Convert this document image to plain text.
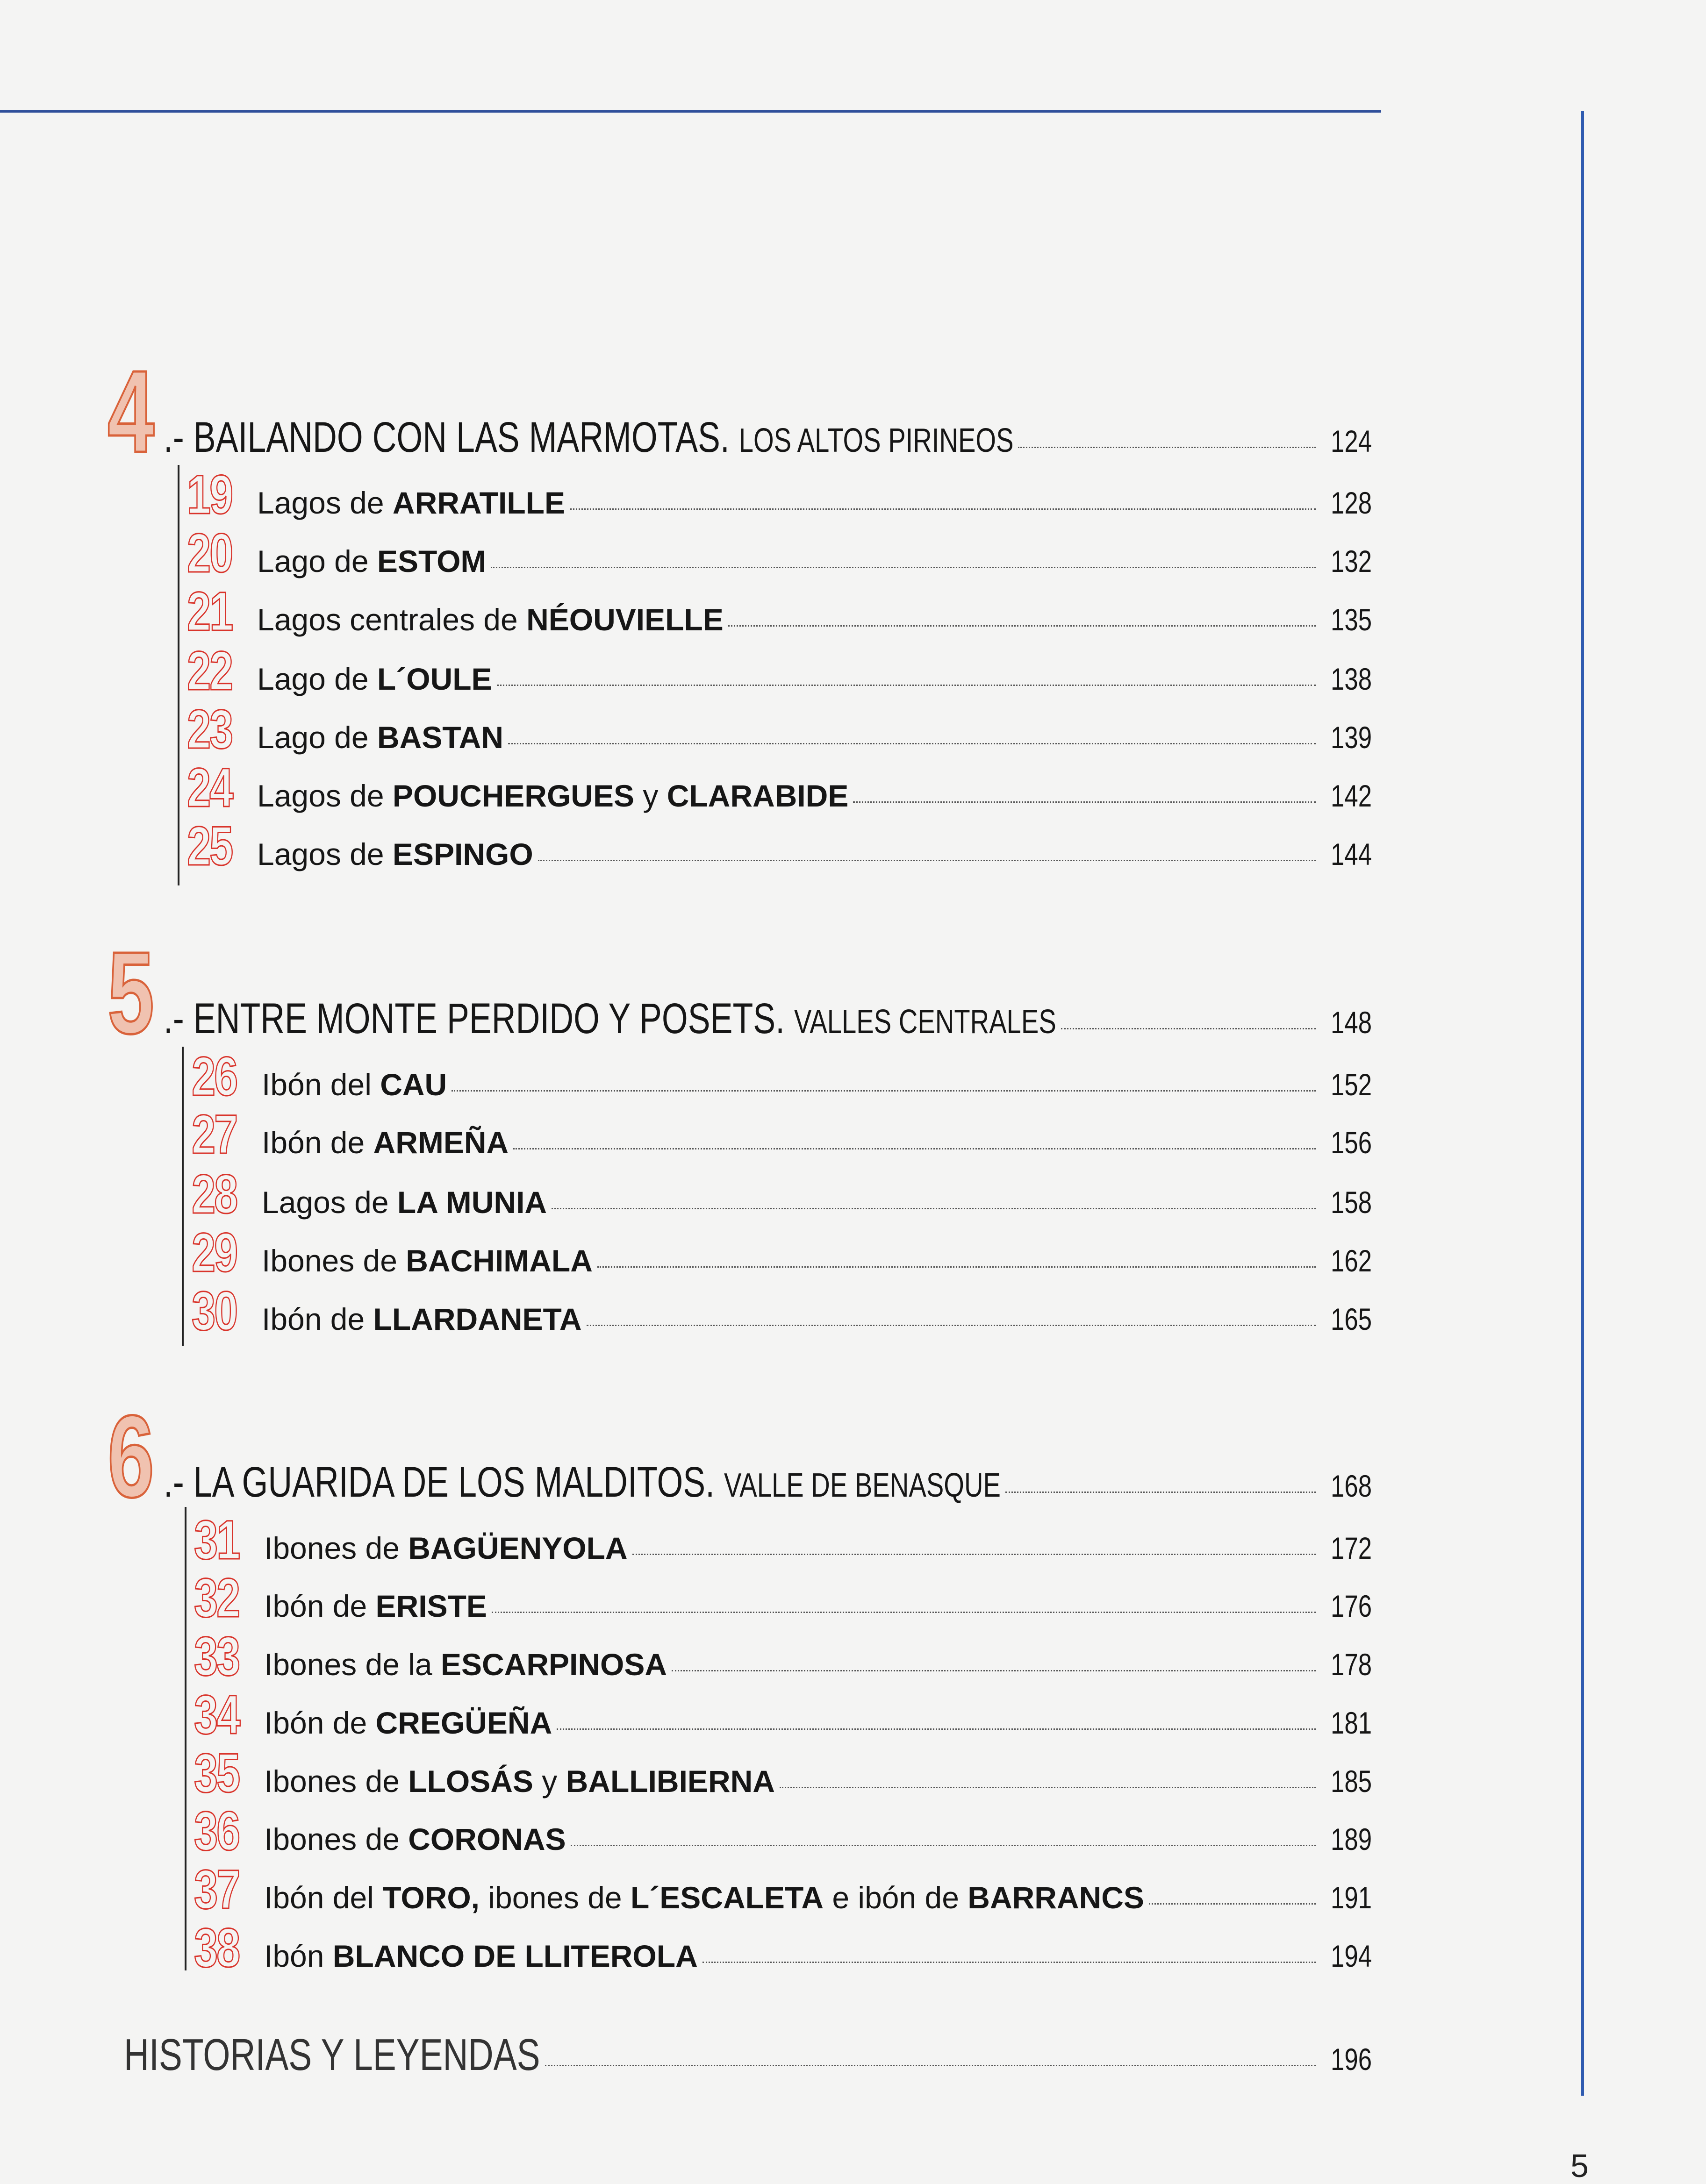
4 .- BAILANDO CON LAS MARMOTAS. LOS ALTOS PIRINEOS	124
19 Lagos de ARRATILLE	128
20 Lago de ESTOM	132
21 Lagos centrales de NÉOUVIELLE	135
22 Lago de L´OULE	138
23 Lago de BASTAN	139
24 Lagos de POUCHERGUES y CLARABIDE	142
25 Lagos de ESPINGO	144
5 .- ENTRE MONTE PERDIDO Y POSETS. VALLES CENTRALES	148
26 Ibón del CAU	152
27 Ibón de ARMEÑA	156
28 Lagos de LA MUNIA	158
29 Ibones de BACHIMALA	162
30 Ibón de LLARDANETA	165
6 .- LA GUARIDA DE LOS MALDITOS. VALLE DE BENASQUE	168
31 Ibones de BAGÜENYOLA	172
32 Ibón de ERISTE	176
33 Ibones de la ESCARPINOSA	178
34 Ibón de CREGÜEÑA	181
35 Ibones de LLOSÁS y BALLIBIERNA	185
36 Ibones de CORONAS	189
37 Ibón del TORO, ibones de L´ESCALETA e ibón de BARRANCS	191
38 Ibón BLANCO DE LLITEROLA	194
HISTORIAS Y LEYENDAS	196
5
